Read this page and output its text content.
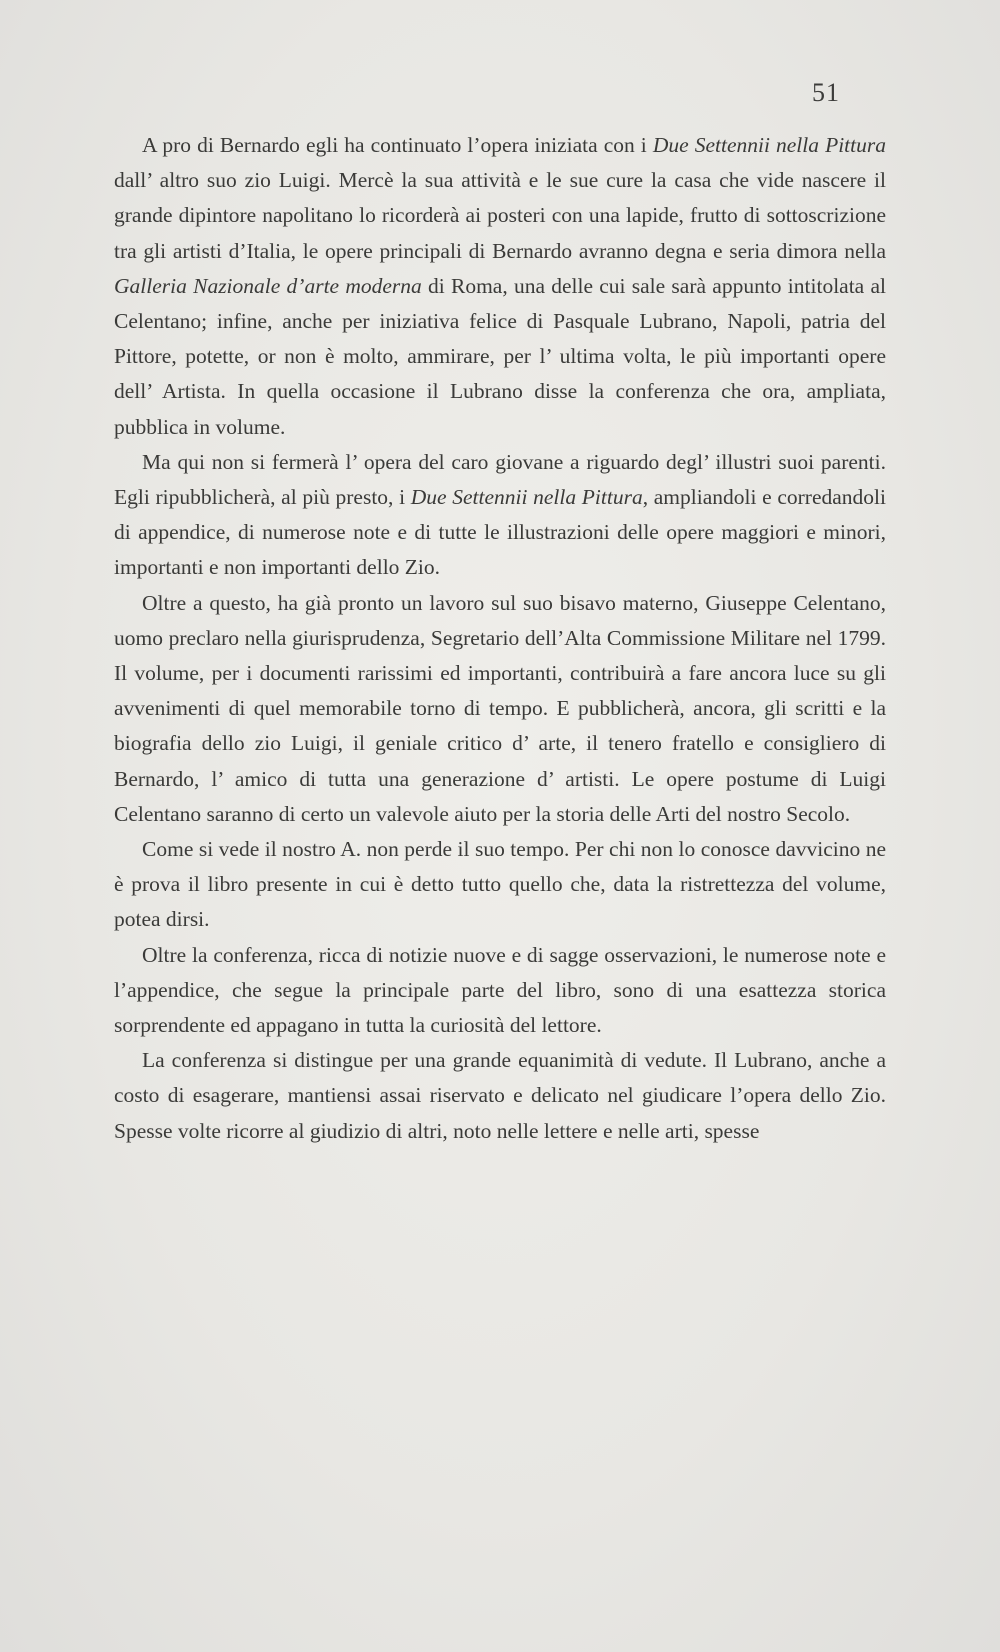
51

A pro di Bernardo egli ha continuato l’opera iniziata con i Due Settennii nella Pittura dall’ altro suo zio Luigi. Mercè la sua attività e le sue cure la casa che vide nascere il grande dipintore napolitano lo ricorderà ai posteri con una lapide, frutto di sottoscrizione tra gli artisti d’Italia, le opere principali di Bernardo avranno degna e seria dimora nella Galleria Nazionale d’arte moderna di Roma, una delle cui sale sarà appunto intitolata al Celentano; infine, anche per iniziativa felice di Pasquale Lubrano, Napoli, patria del Pittore, potette, or non è molto, ammirare, per l’ ultima volta, le più importanti opere dell’ Artista. In quella occasione il Lubrano disse la conferenza che ora, ampliata, pubblica in volume.

Ma qui non si fermerà l’ opera del caro giovane a riguardo degl’ illustri suoi parenti. Egli ripubblicherà, al più presto, i Due Settennii nella Pittura, ampliandoli e corredandoli di appendice, di numerose note e di tutte le illustrazioni delle opere maggiori e minori, importanti e non importanti dello Zio.

Oltre a questo, ha già pronto un lavoro sul suo bisavo materno, Giuseppe Celentano, uomo preclaro nella giurisprudenza, Segretario dell’Alta Commissione Militare nel 1799. Il volume, per i documenti rarissimi ed importanti, contribuirà a fare ancora luce su gli avvenimenti di quel memorabile torno di tempo. E pubblicherà, ancora, gli scritti e la biografia dello zio Luigi, il geniale critico d’ arte, il tenero fratello e consigliero di Bernardo, l’ amico di tutta una generazione d’ artisti. Le opere postume di Luigi Celentano saranno di certo un valevole aiuto per la storia delle Arti del nostro Secolo.

Come si vede il nostro A. non perde il suo tempo. Per chi non lo conosce davvicino ne è prova il libro presente in cui è detto tutto quello che, data la ristrettezza del volume, potea dirsi.

Oltre la conferenza, ricca di notizie nuove e di sagge osservazioni, le numerose note e l’appendice, che segue la principale parte del libro, sono di una esattezza storica sorprendente ed appagano in tutta la curiosità del lettore.

La conferenza si distingue per una grande equanimità di vedute. Il Lubrano, anche a costo di esagerare, mantiensi assai riservato e delicato nel giudicare l’opera dello Zio. Spesse volte ricorre al giudizio di altri, noto nelle lettere e nelle arti, spesse
